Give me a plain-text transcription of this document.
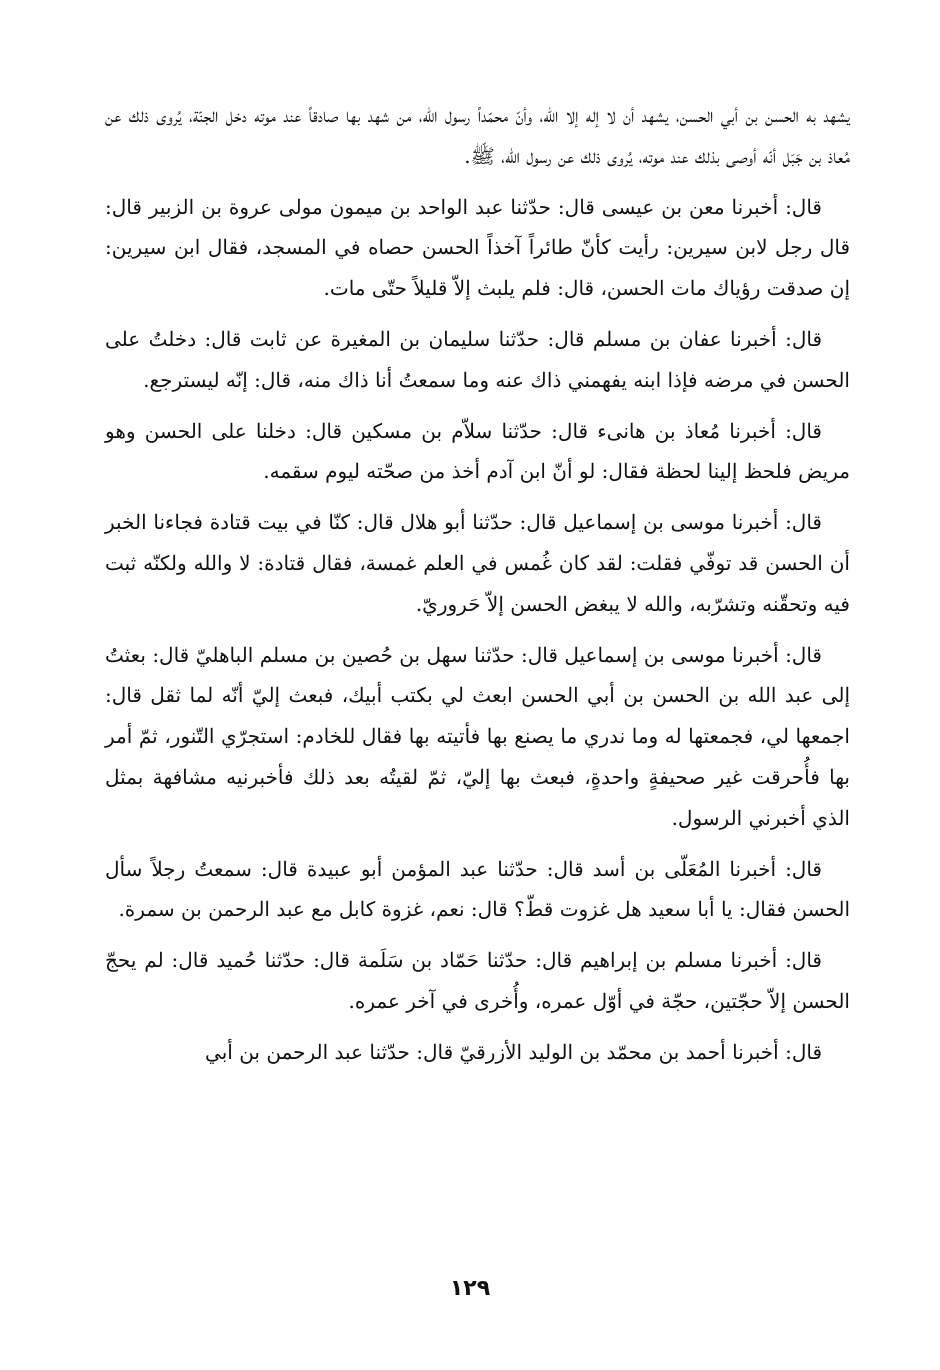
يشهد به الحسن بن أبي الحسن، يشهد أن لا إله إلا الله، وأنّ محمّداً رسول الله، من شهد بها صادقاً عند موته دخل الجنّة، يُروى ذلك عن مُعاذ بن جَبَل أنّه أوصى بذلك عند موته، يُروى ذلك عن رسول الله، ﷺ.

قال: أخبرنا معن بن عيسى قال: حدّثنا عبد الواحد بن ميمون مولى عروة بن الزبير قال: قال رجل لابن سيرين: رأيت كأنّ طائراً آخذاً الحسن حصاه في المسجد، فقال ابن سيرين: إن صدقت رؤياك مات الحسن، قال: فلم يلبث إلاّ قليلاً حتّى مات.

قال: أخبرنا عفان بن مسلم قال: حدّثنا سليمان بن المغيرة عن ثابت قال: دخلتُ على الحسن في مرضه فإذا ابنه يفهمني ذاك عنه وما سمعتُ أنا ذاك منه، قال: إنّه ليسترجع.

قال: أخبرنا مُعاذ بن هانىء قال: حدّثنا سلاّم بن مسكين قال: دخلنا على الحسن وهو مريض فلحظ إلينا لحظة فقال: لو أنّ ابن آدم أخذ من صحّته ليوم سقمه.

قال: أخبرنا موسى بن إسماعيل قال: حدّثنا أبو هلال قال: كنّا في بيت قتادة فجاءنا الخبر أن الحسن قد توفّي فقلت: لقد كان غُمس في العلم غمسة، فقال قتادة: لا والله ولكنّه ثبت فيه وتحقّنه وتشرّبه، والله لا يبغض الحسن إلاّ حَروريّ.

قال: أخبرنا موسى بن إسماعيل قال: حدّثنا سهل بن حُصين بن مسلم الباهليّ قال: بعثتُ إلى عبد الله بن الحسن بن أبي الحسن ابعث لي بكتب أبيك، فبعث إليّ أنّه لما ثقل قال: اجمعها لي، فجمعتها له وما ندري ما يصنع بها فأتيته بها فقال للخادم: استجرّي التّنور، ثمّ أمر بها فأُحرقت غير صحيفةٍ واحدةٍ، فبعث بها إليّ، ثمّ لقيتُه بعد ذلك فأخبرنيه مشافهة بمثل الذي أخبرني الرسول.

قال: أخبرنا المُعَلّى بن أسد قال: حدّثنا عبد المؤمن أبو عبيدة قال: سمعتُ رجلاً سأل الحسن فقال: يا أبا سعيد هل غزوت قطّ؟ قال: نعم، غزوة كابل مع عبد الرحمن بن سمرة.

قال: أخبرنا مسلم بن إبراهيم قال: حدّثنا حَمّاد بن سَلَمة قال: حدّثنا حُميد قال: لم يحجّ الحسن إلاّ حجّتين، حجّة في أوّل عمره، وأُخرى في آخر عمره.

قال: أخبرنا أحمد بن محمّد بن الوليد الأزرقيّ قال: حدّثنا عبد الرحمن بن أبي

١٢٩
